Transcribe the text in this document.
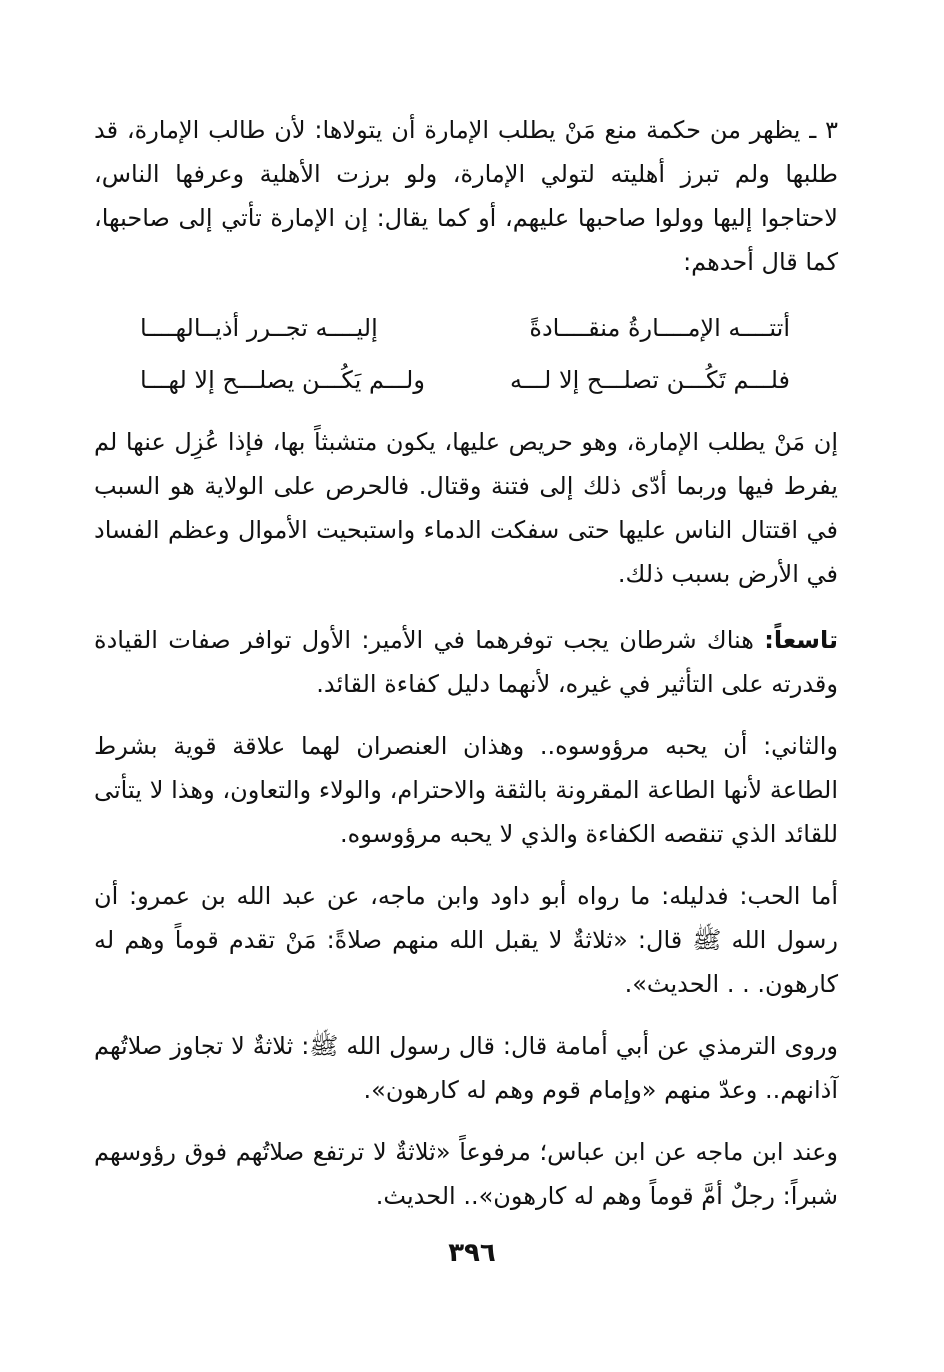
٣ ـ يظهر من حكمة منع مَنْ يطلب الإمارة أن يتولاها: لأن طالب الإمارة، قد طلبها ولم تبرز أهليته لتولي الإمارة، ولو برزت الأهلية وعرفها الناس، لاحتاجوا إليها وولوا صاحبها عليهم، أو كما يقال: إن الإمارة تأتي إلى صاحبها، كما قال أحدهم:

أتتــــه الإمــــارةُ منقــــادةً
إليــــه تجــرر أذيــالهــــا
فلـــم تَكُـــن تصلـــح إلا لـــه
ولـــم يَكُـــن يصلـــح إلا لهـــا

إن مَنْ يطلب الإمارة، وهو حريص عليها، يكون متشبثاً بها، فإذا عُزِل عنها لم يفرط فيها وربما أدّى ذلك إلى فتنة وقتال. فالحرص على الولاية هو السبب في اقتتال الناس عليها حتى سفكت الدماء واستبحيت الأموال وعظم الفساد في الأرض بسبب ذلك.

تاسعاً: هناك شرطان يجب توفرهما في الأمير: الأول توافر صفات القيادة وقدرته على التأثير في غيره، لأنهما دليل كفاءة القائد.

والثاني: أن يحبه مرؤوسوه.. وهذان العنصران لهما علاقة قوية بشرط الطاعة لأنها الطاعة المقرونة بالثقة والاحترام، والولاء والتعاون، وهذا لا يتأتى للقائد الذي تنقصه الكفاءة والذي لا يحبه مرؤوسوه.

أما الحب: فدليله: ما رواه أبو داود وابن ماجه، عن عبد الله بن عمرو: أن رسول الله ﷺ قال: «ثلاثةٌ لا يقبل الله منهم صلاةً: مَنْ تقدم قوماً وهم له كارهون. . . الحديث».

وروى الترمذي عن أبي أمامة قال: قال رسول الله ﷺ: ثلاثةٌ لا تجاوز صلاتُهم آذانهم.. وعدّ منهم «وإمام قوم وهم له كارهون».

وعند ابن ماجه عن ابن عباس؛ مرفوعاً «ثلاثةٌ لا ترتفع صلاتُهم فوق رؤوسهم شبراً: رجلٌ أمَّ قوماً وهم له كارهون».. الحديث.

٣٩٦
